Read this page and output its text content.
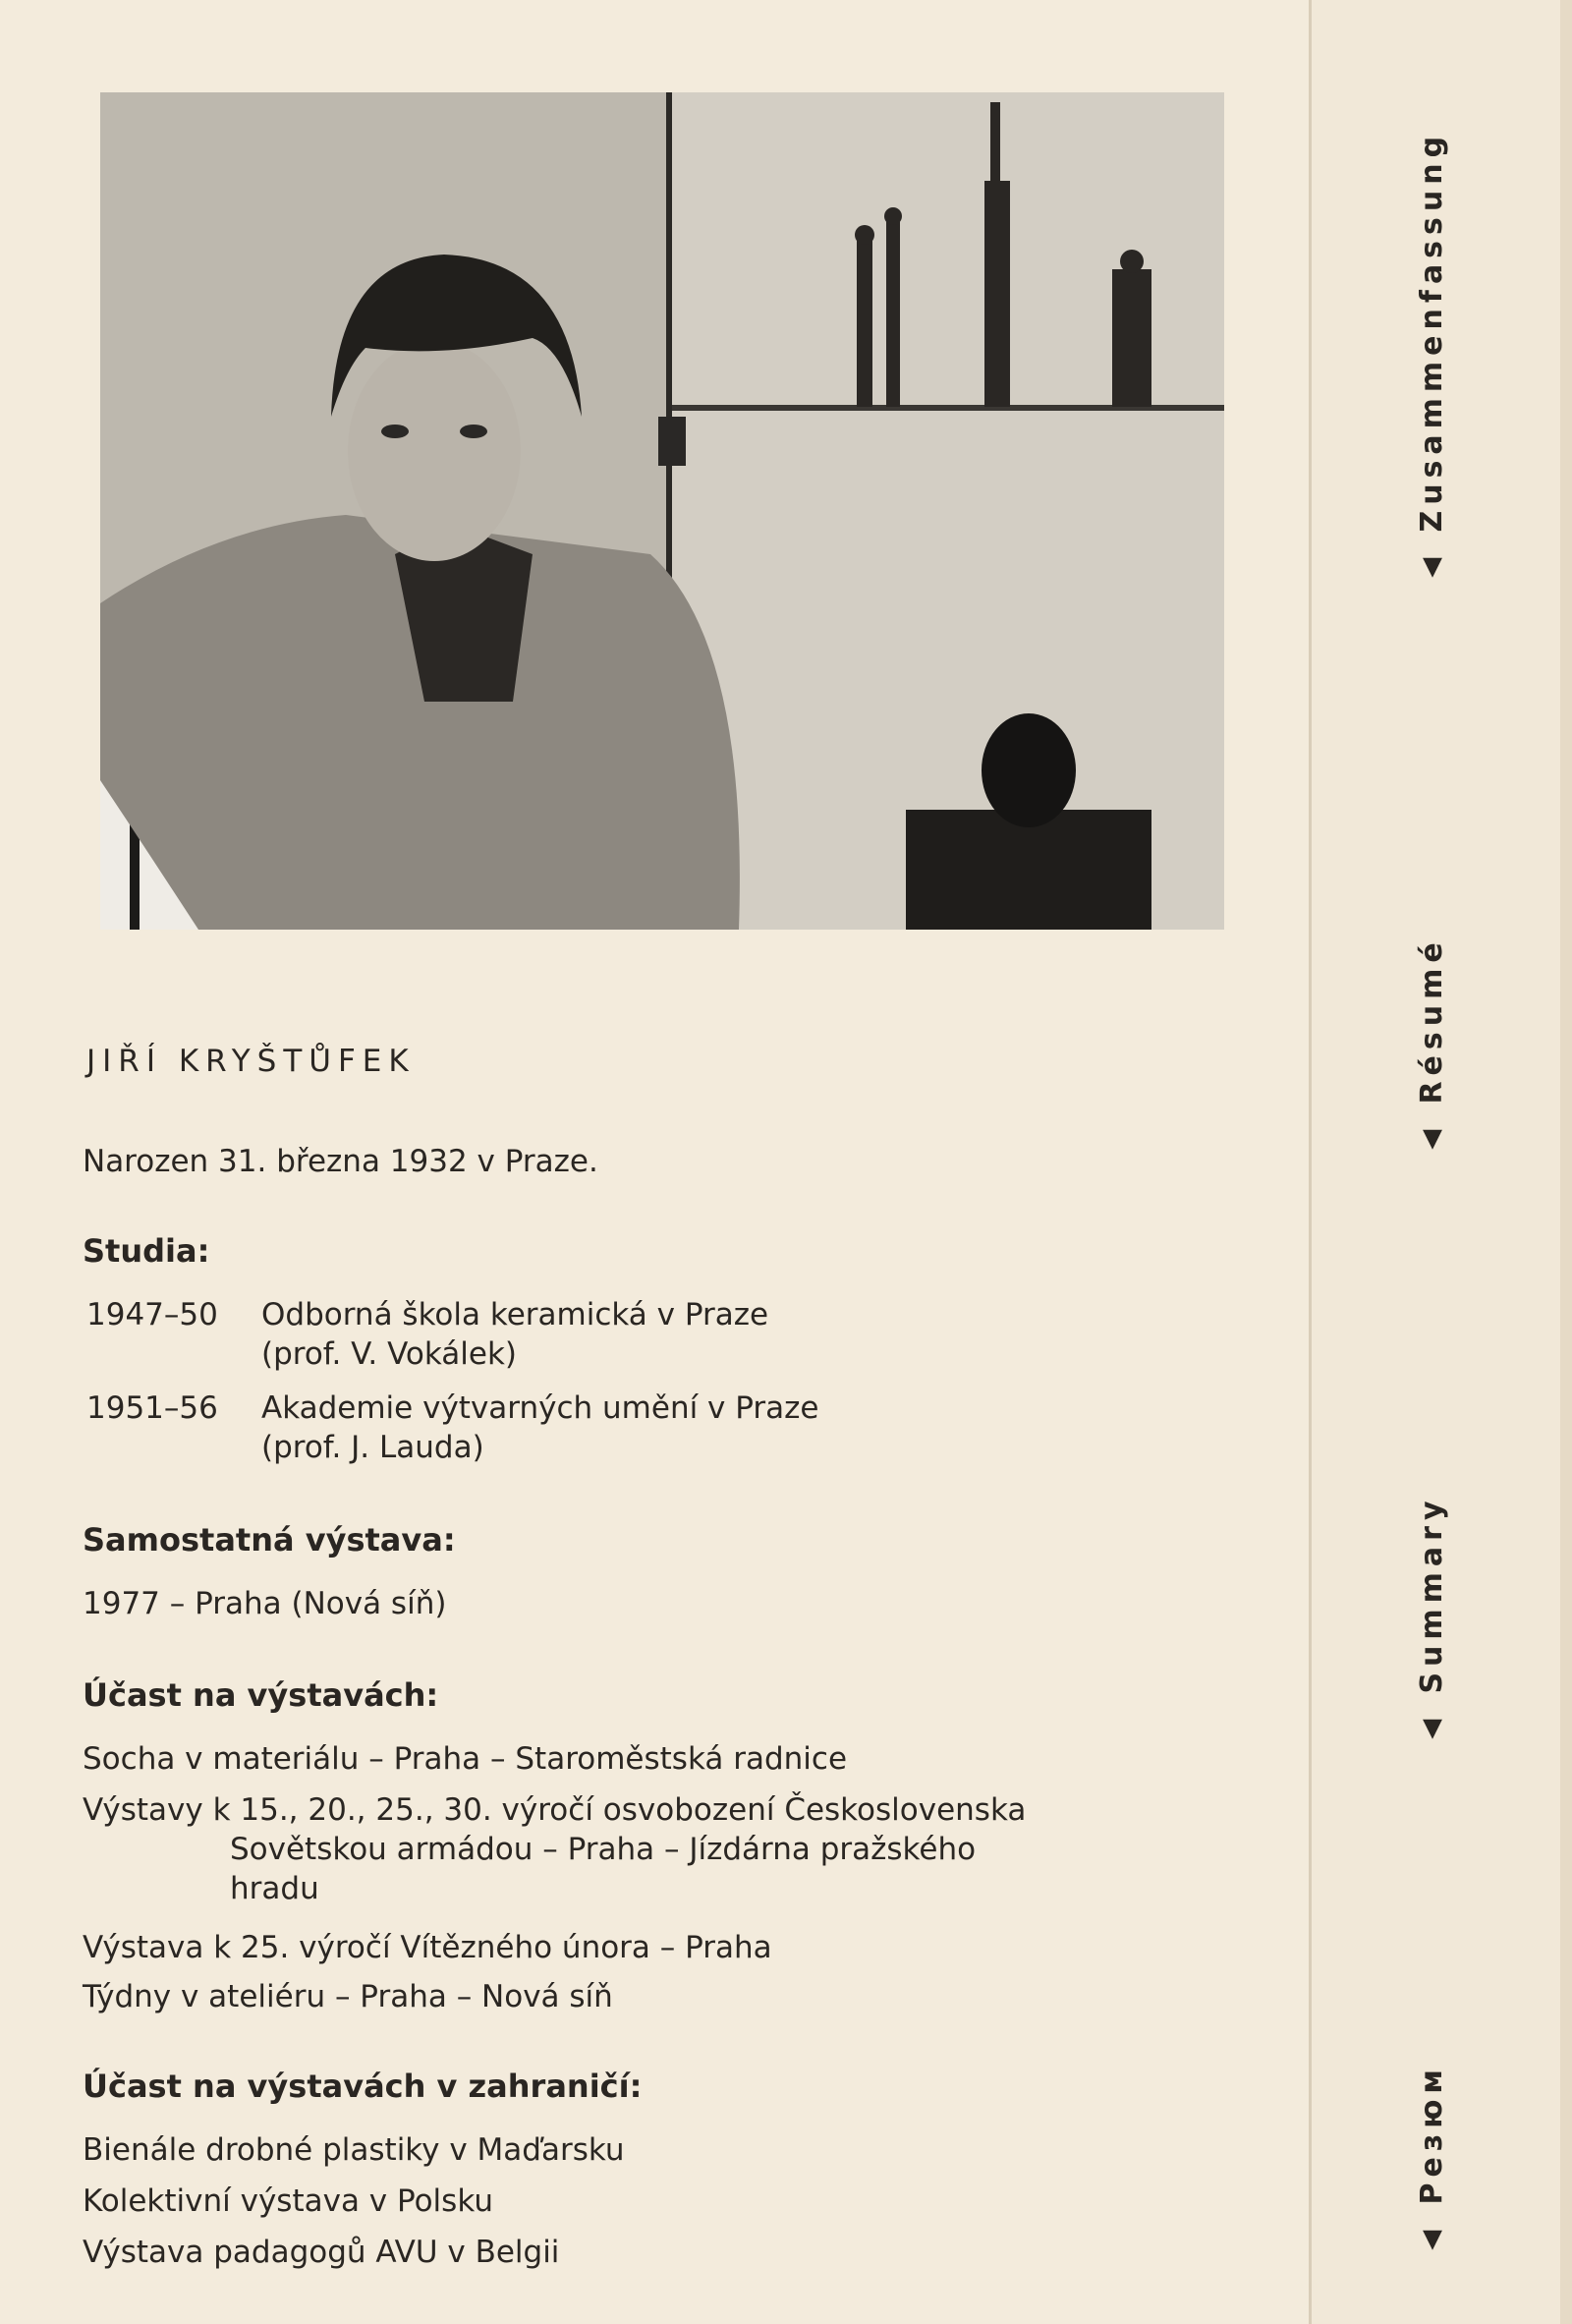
JIŘÍ KRYŠTŮFEK
Narozen 31. března 1932 v Praze.
Studia:
1947–50 Odborná škola keramická v Praze
(prof. V. Vokálek)
1951–56 Akademie výtvarných umění v Praze
(prof. J. Lauda)
Samostatná výstava:
1977 – Praha (Nová síň)
Účast na výstavách:
Socha v materiálu – Praha – Staroměstská radnice
Výstavy k 15., 20., 25., 30. výročí osvobození Československa
Sovětskou armádou – Praha – Jízdárna pražského
hradu
Výstava k 25. výročí Vítězného února – Praha
Týdny v ateliéru – Praha – Nová síň
Účast na výstavách v zahraničí:
Bienále drobné plastiky v Maďarsku
Kolektivní výstava v Polsku
Výstava padagogů AVU v Belgii
▲ Zusammenfassung
▲ Résumé
▲ Summary
▲ Резюм
